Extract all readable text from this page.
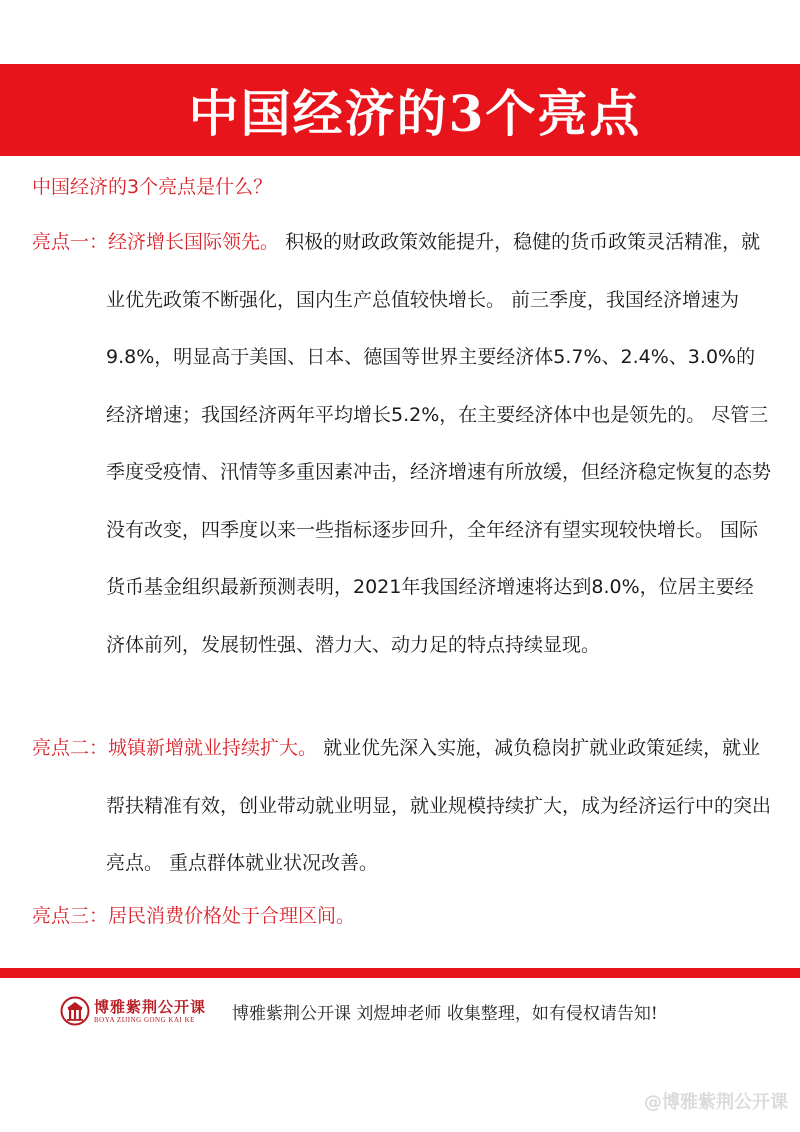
中国经济的3个亮点
中国经济的3个亮点是什么？
亮点一：经济增长国际领先。 积极的财政政策效能提升，稳健的货币政策灵活精准，就业优先政策不断强化，国内生产总值较快增长。 前三季度，我国经济增速为9.8%，明显高于美国、日本、德国等世界主要经济体5.7%、2.4%、3.0%的经济增速；我国经济两年平均增长5.2%，在主要经济体中也是领先的。 尽管三季度受疫情、汛情等多重因素冲击，经济增速有所放缓，但经济稳定恢复的态势没有改变，四季度以来一些指标逐步回升，全年经济有望实现较快增长。 国际货币基金组织最新预测表明，2021年我国经济增速将达到8.0%，位居主要经济体前列，发展韧性强、潜力大、动力足的特点持续显现。
亮点二：城镇新增就业持续扩大。 就业优先深入实施，减负稳岗扩就业政策延续，就业帮扶精准有效，创业带动就业明显，就业规模持续扩大，成为经济运行中的突出亮点。 重点群体就业状况改善。
亮点三：居民消费价格处于合理区间。
博雅紫荆公开课
BOYA ZIJING GONG KAI KE 博雅紫荆公开课 刘煜坤老师 收集整理，如有侵权请告知!
@博雅紫荆公开课
